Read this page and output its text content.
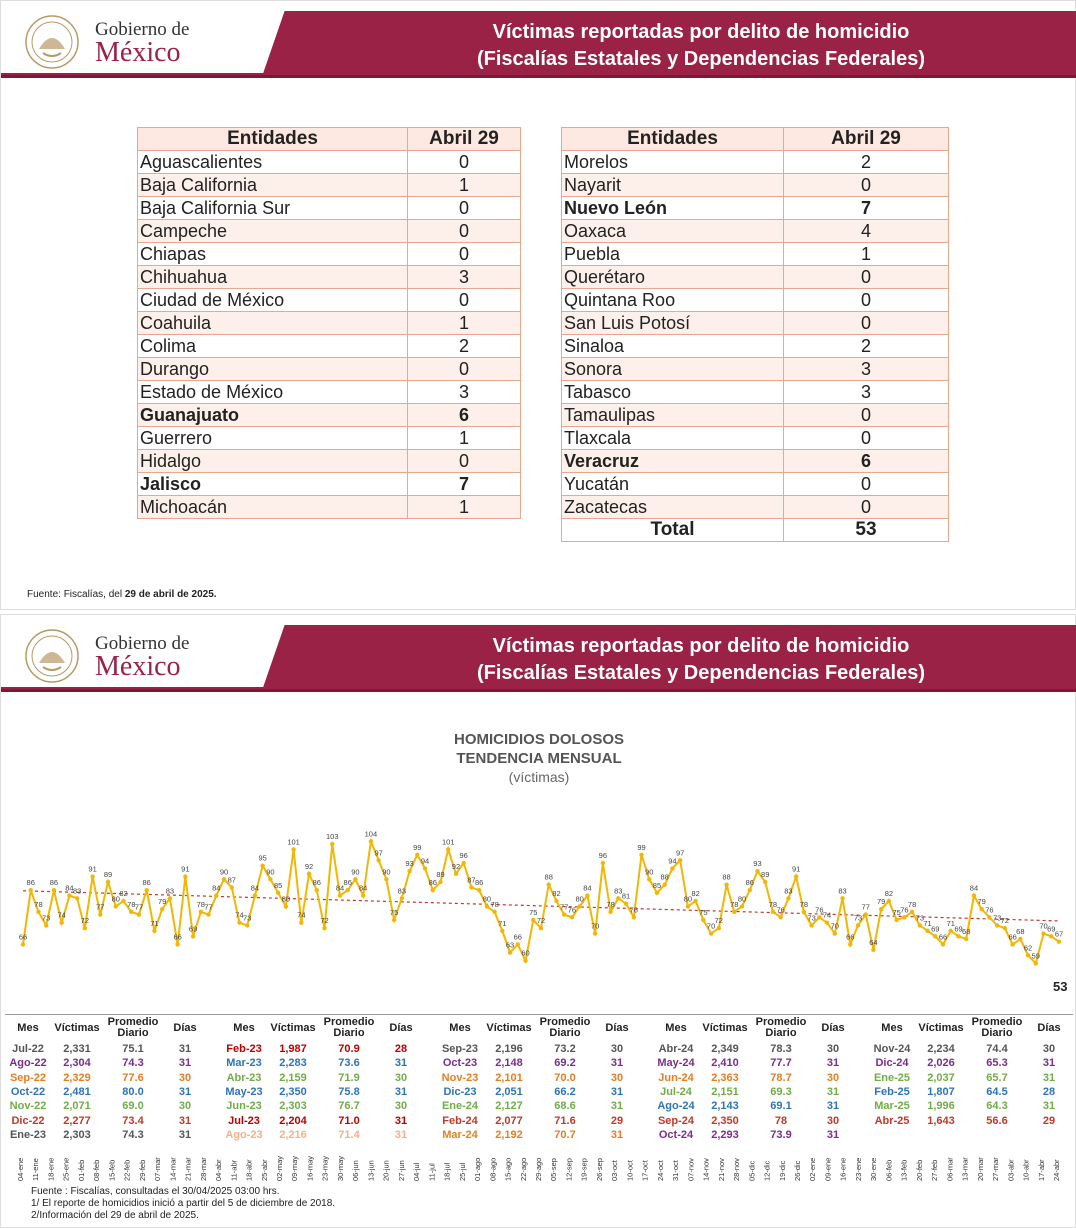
Gobierno de
México
Víctimas reportadas por delito de homicidio
(Fiscalías Estatales y Dependencias Federales)
Entidades	Abril 29
Aguascalientes	0
Baja California	1
Baja California Sur	0
Campeche	0
Chiapas	0
Chihuahua	3
Ciudad de México	0
Coahuila	1
Colima	2
Durango	0
Estado de México	3
Guanajuato	6
Guerrero	1
Hidalgo	0
Jalisco	7
Michoacán	1
Entidades	Abril 29
Morelos	2
Nayarit	0
Nuevo León	7
Oaxaca	4
Puebla	1
Querétaro	0
Quintana Roo	0
San Luis Potosí	0
Sinaloa	2
Sonora	3
Tabasco	3
Tamaulipas	0
Tlaxcala	0
Veracruz	6
Yucatán	0
Zacatecas	0
Total	53
Fuente: Fiscalías, del 29 de abril de 2025.
Gobierno de
México
Víctimas reportadas por delito de homicidio
(Fiscalías Estatales y Dependencias Federales)
HOMICIDIOS DOLOSOS
TENDENCIA MENSUAL
(víctimas)
66
86
78
73
86
74
84 83
72
91
77
89
80
82
78 77
86
71
79
83
66
91
69
78 77
84
90
87
74 73
84
95
90
85
80
101
74
92
86
72
103
84
86
90
84
104
97
90
75
83
93
99
94
86
89
101
92
96
87 86
80
78
71
63
66
60
75
72
88
82
77 76
80
84
70
96
78
83
81
76
99
90
85
88
94
97
80
82
75
70
72
88
78
80
86
93
89
78
76
83
91
78
73
76
74
70
83
66
73
77
64
79
82
75 76
78
73
71
69
66
71
69 68
84
79
76
73 72
66
68
62
59
70 69
67
53
Mes	Víctimas Promedio Diario	Días
Jul-22	2,331	75.1	31
Ago-22	2,304	74.3	31
Sep-22	2,329	77.6	30
Oct-22	2,481	80.0	31
Nov-22	2,071	69.0	30
Dic-22	2,277	73.4	31
Ene-23	2,303	74.3	31
Mes	Víctimas Promedio Diario	Días
Feb-23	1,987	70.9	28
Mar-23	2,283	73.6	31
Abr-23	2,159	71.9	30
May-23	2,350	75.8	31
Jun-23	2,303	76.7	30
Jul-23	2,204	71.0	31
Ago-23	2,216	71.4	31
Mes	Víctimas Promedio Diario	Días
Sep-23	2,196	73.2	30
Oct-23	2,148	69.2	31
Nov-23	2,101	70.0	30
Dic-23	2,051	66.2	31
Ene-24	2,127	68.6	31
Feb-24	2,077	71.6	29
Mar-24	2,192	70.7	31
Mes	Víctimas Promedio Diario	Días
Abr-24	2,349	78.3	30
May-24	2,410	77.7	31
Jun-24	2,363	78.7	30
Jul-24	2,151	69.3	31
Ago-24	2,143	69.1	31
Sep-24	2,350	78	30
Oct-24	2,293	73.9	31
Mes	Víctimas Promedio Diario	Días
Nov-24	2,234	74.4	30
Dic-24	2,026	65.3	31
Ene-25	2,037	65.7	31
Feb-25	1,807	64.5	28
Mar-25	1,996	64.3	31
Abr-25	1,643	56.6	29
04-ene 11-ene 18-ene 25-ene 01-feb 08-feb 15-feb 22-feb 29-feb 07-mar 14-mar 21-mar 28-mar 04-abr 11-abr 18-abr 25-abr 02-may 09-may 16-may 23-may 30-may 06-jun 13-jun 20-jun 27-jun 04-jul 11-jul 18-jul 25-jul 01-ago 08-ago 15-ago 22-ago 29-ago 05-sep 12-sep 19-sep 26-sep 03-oct 10-oct 17-oct 24-oct 31-oct 07-nov 14-nov 21-nov 28-nov 05-dic 12-dic 19-dic 26-dic 02-ene 09-ene 16-ene 23-ene 30-ene 06-feb 13-feb 20-feb 27-feb 06-mar 13-mar 20-mar 27-mar 03-abr 10-abr 17-abr 24-abr
Fuente : Fiscalías, consultadas el 30/04/2025 03:00 hrs.
1/ El reporte de homicidios inició a partir del 5 de diciembre de 2018.
2/Información del 29 de abril de 2025.
